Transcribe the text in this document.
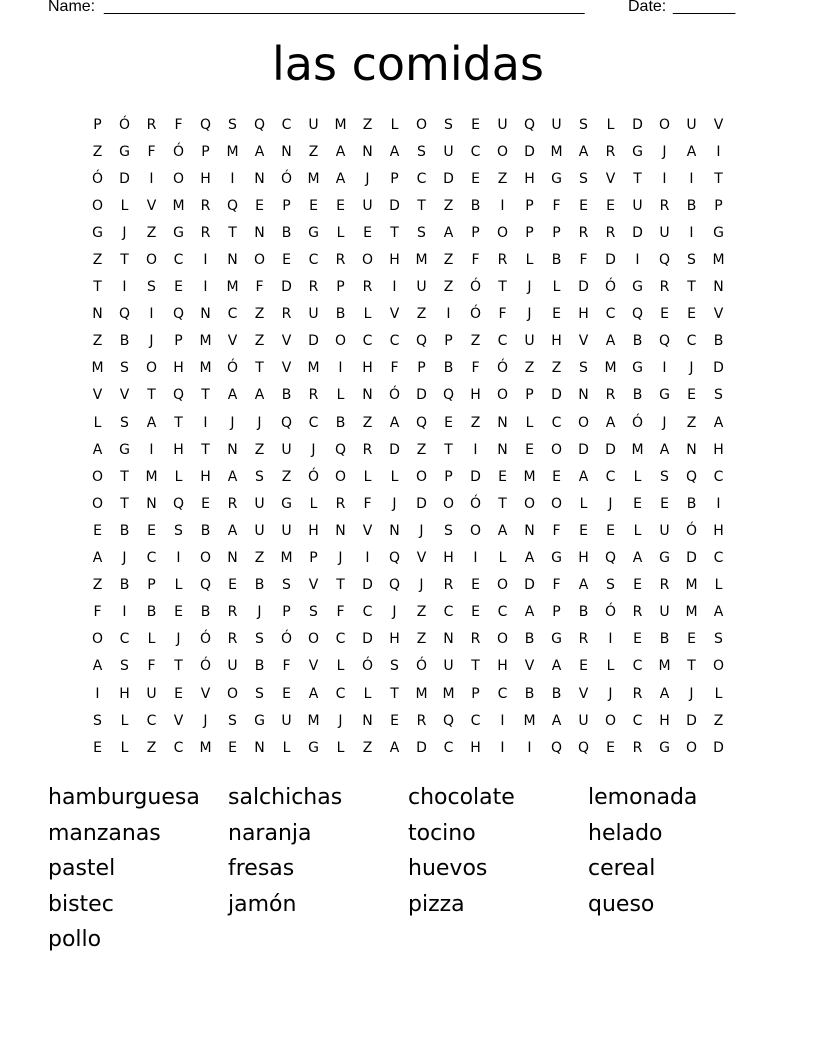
Name: ______________________________________________________	Date: _______
las comidas
P	Ó	R	F	Q	S	Q	C	U	M	Z	L	O	S	E	U	Q	U	S	L	D	O	U	V
Z	G	F	Ó	P	M	A	N	Z	A	N	A	S	U	C	O	D	M	A	R	G	J	A	I
Ó	D	I	O	H	I	N	Ó	M	A	J	P	C	D	E	Z	H	G	S	V	T	I	I	T
O	L	V	M	R	Q	E	P	E	E	U	D	T	Z	B	I	P	F	E	E	U	R	B	P
G	J	Z	G	R	T	N	B	G	L	E	T	S	A	P	O	P	P	R	R	D	U	I	G
Z	T	O	C	I	N	O	E	C	R	O	H	M	Z	F	R	L	B	F	D	I	Q	S	M
T	I	S	E	I	M	F	D	R	P	R	I	U	Z	Ó	T	J	L	D	Ó	G	R	T	N
N	Q	I	Q	N	C	Z	R	U	B	L	V	Z	I	Ó	F	J	E	H	C	Q	E	E	V
Z	B	J	P	M	V	Z	V	D	O	C	C	Q	P	Z	C	U	H	V	A	B	Q	C	B
M	S	O	H	M	Ó	T	V	M	I	H	F	P	B	F	Ó	Z	Z	S	M	G	I	J	D
V	V	T	Q	T	A	A	B	R	L	N	Ó	D	Q	H	O	P	D	N	R	B	G	E	S
L	S	A	T	I	J	J	Q	C	B	Z	A	Q	E	Z	N	L	C	O	A	Ó	J	Z	A
A	G	I	H	T	N	Z	U	J	Q	R	D	Z	T	I	N	E	O	D	D	M	A	N	H
O	T	M	L	H	A	S	Z	Ó	O	L	L	O	P	D	E	M	E	A	C	L	S	Q	C
O	T	N	Q	E	R	U	G	L	R	F	J	D	O	Ó	T	O	O	L	J	E	E	B	I
E	B	E	S	B	A	U	U	H	N	V	N	J	S	O	A	N	F	E	E	L	U	Ó	H
A	J	C	I	O	N	Z	M	P	J	I	Q	V	H	I	L	A	G	H	Q	A	G	D	C
Z	B	P	L	Q	E	B	S	V	T	D	Q	J	R	E	O	D	F	A	S	E	R	M	L
F	I	B	E	B	R	J	P	S	F	C	J	Z	C	E	C	A	P	B	Ó	R	U	M	A
O	C	L	J	Ó	R	S	Ó	O	C	D	H	Z	N	R	O	B	G	R	I	E	B	E	S
A	S	F	T	Ó	U	B	F	V	L	Ó	S	Ó	U	T	H	V	A	E	L	C	M	T	O
I	H	U	E	V	O	S	E	A	C	L	T	M	M	P	C	B	B	V	J	R	A	J	L
S	L	C	V	J	S	G	U	M	J	N	E	R	Q	C	I	M	A	U	O	C	H	D	Z
E	L	Z	C	M	E	N	L	G	L	Z	A	D	C	H	I	I	Q	Q	E	R	G	O	D
hamburguesa	salchichas	chocolate	lemonada
manzanas	naranja	tocino	helado
pastel	fresas	huevos	cereal
bistec	jamón	pizza	queso
pollo
